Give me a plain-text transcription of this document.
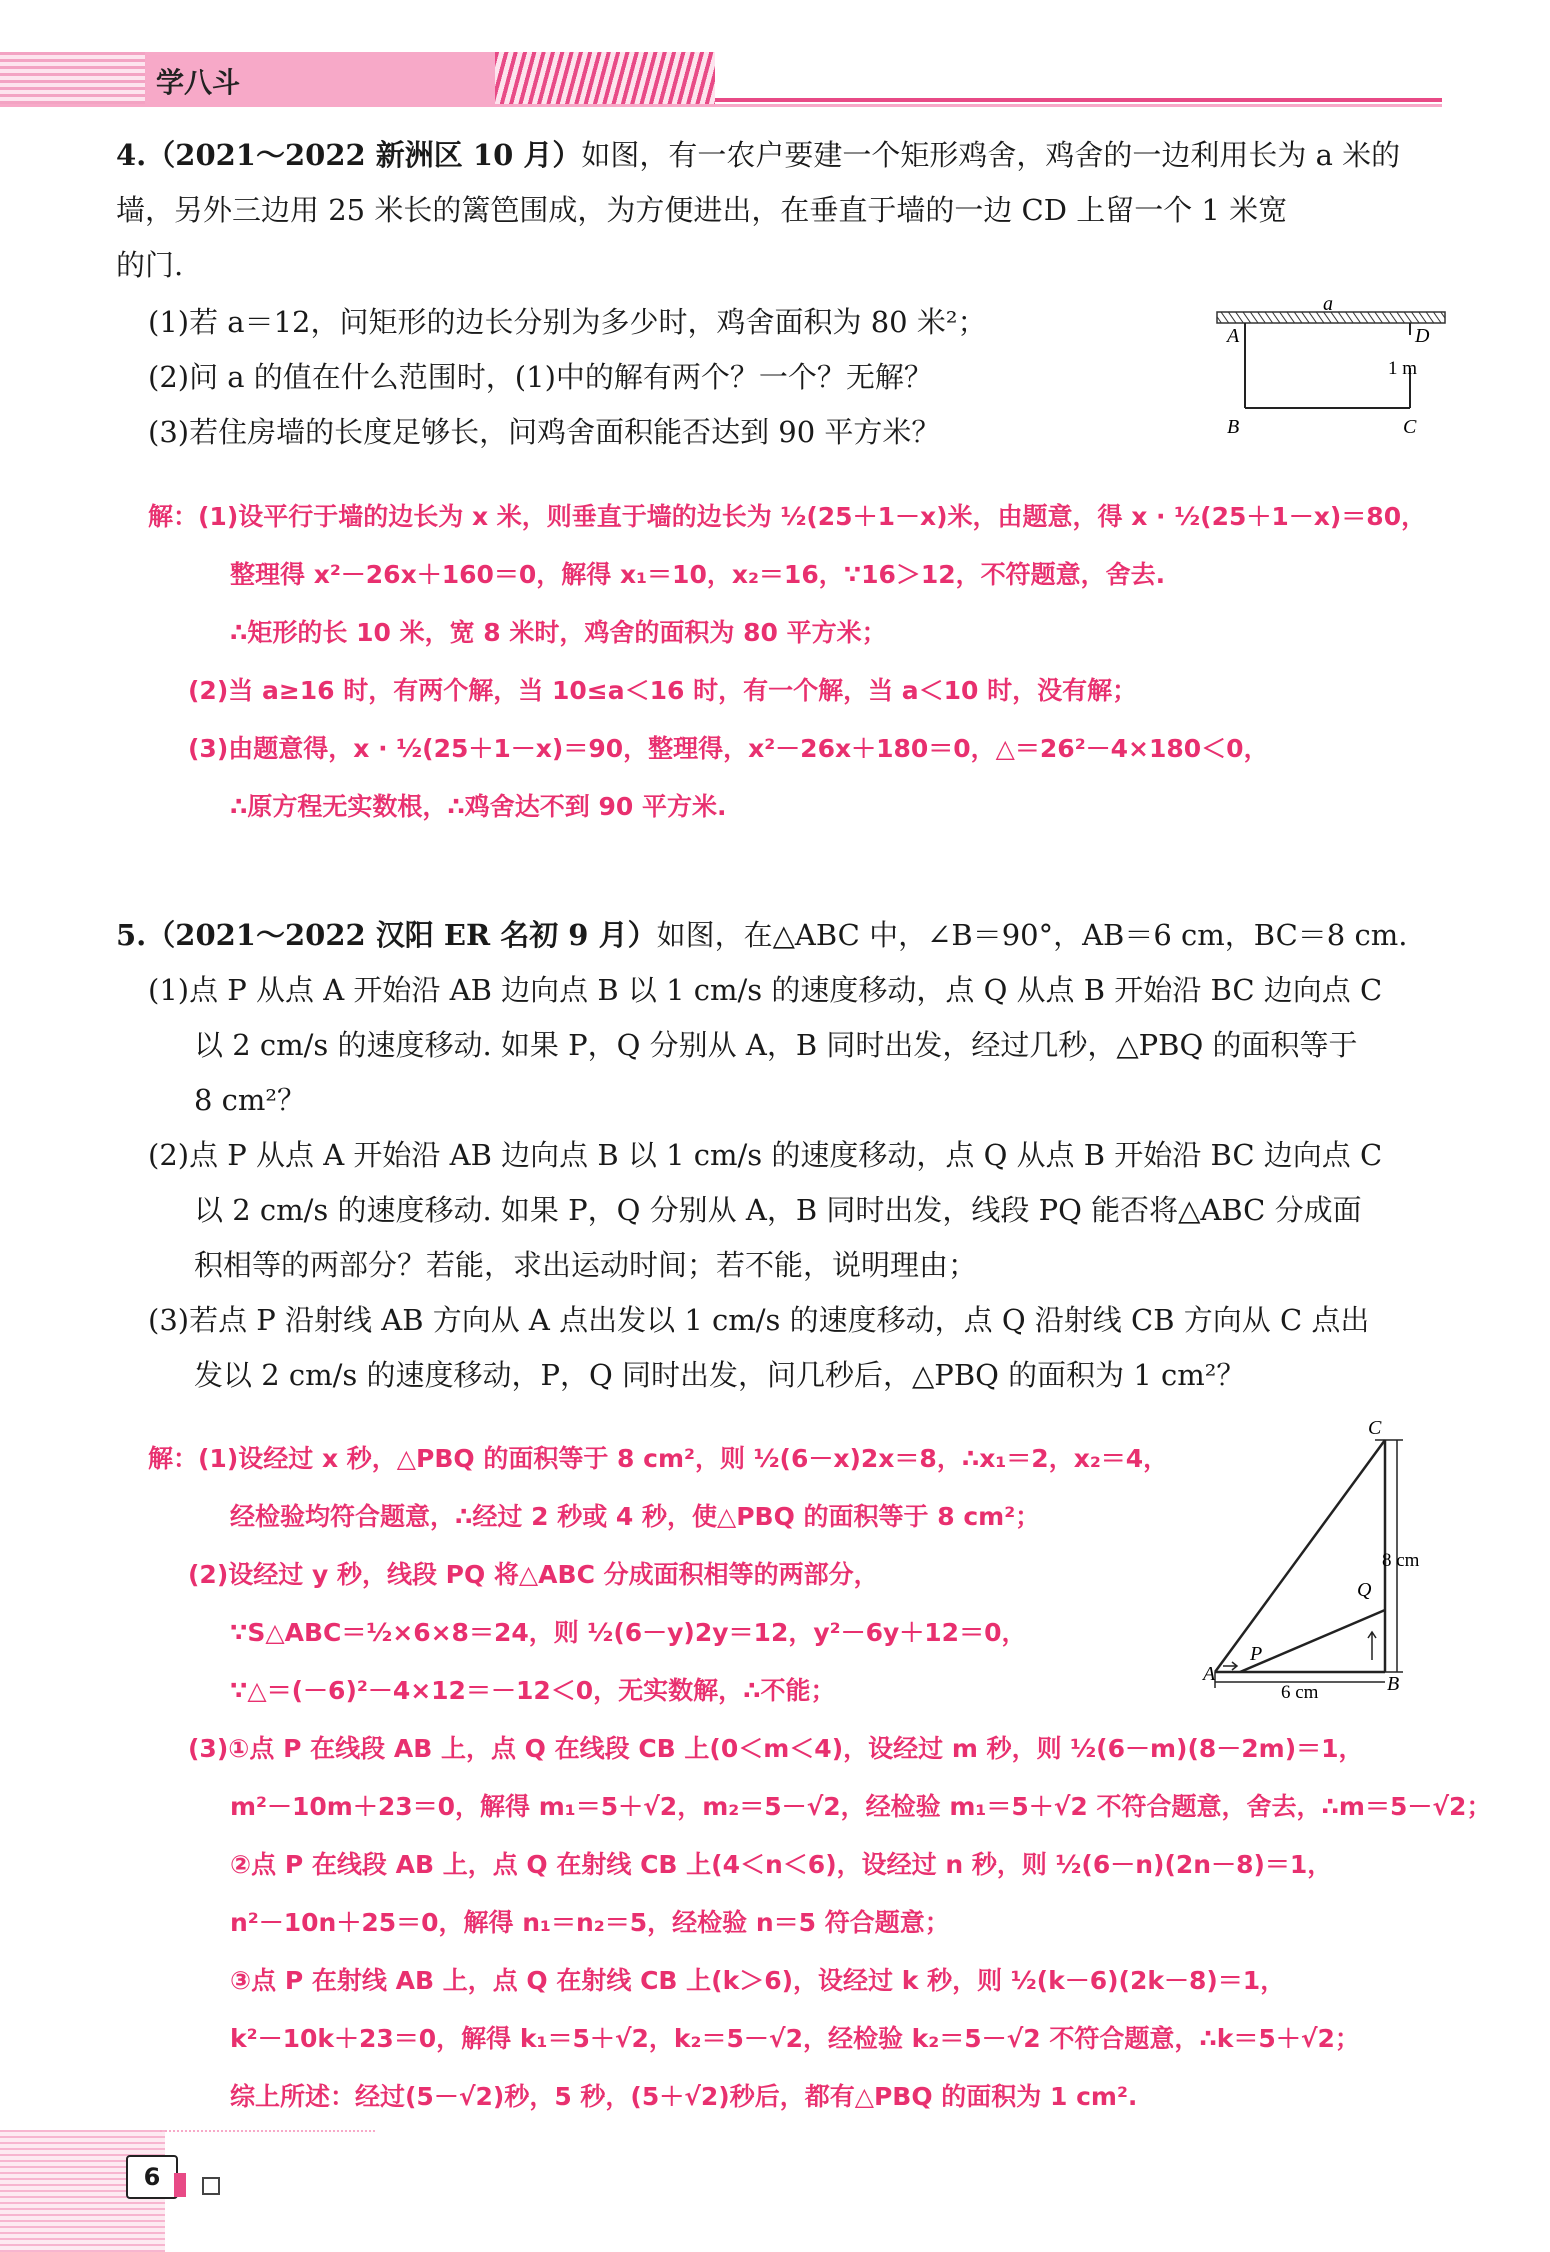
学八斗

4.（2021～2022 新洲区 10 月）如图，有一农户要建一个矩形鸡舍，鸡舍的一边利用长为 a 米的

墙，另外三边用 25 米长的篱笆围成，为方便进出，在垂直于墙的一边 CD 上留一个 1 米宽

的门.

(1)若 a＝12，问矩形的边长分别为多少时，鸡舍面积为 80 米²；

(2)问 a 的值在什么范围时，(1)中的解有两个？一个？无解？

(3)若住房墙的长度足够长，问鸡舍面积能否达到 90 平方米？

a
A	D
1 m
B	C

解：(1)设平行于墙的边长为 x 米，则垂直于墙的边长为 ½(25＋1－x)米，由题意，得 x · ½(25＋1－x)＝80，

整理得 x²－26x＋160＝0，解得 x₁＝10，x₂＝16，∵16＞12，不符题意，舍去.

∴矩形的长 10 米，宽 8 米时，鸡舍的面积为 80 平方米；

(2)当 a≥16 时，有两个解，当 10≤a＜16 时，有一个解，当 a＜10 时，没有解；

(3)由题意得，x · ½(25＋1－x)＝90，整理得，x²－26x＋180＝0，△＝26²－4×180＜0，

∴原方程无实数根，∴鸡舍达不到 90 平方米.

5.（2021～2022 汉阳 ER 名初 9 月）如图，在△ABC 中，∠B＝90°，AB＝6 cm，BC＝8 cm.

(1)点 P 从点 A 开始沿 AB 边向点 B 以 1 cm/s 的速度移动，点 Q 从点 B 开始沿 BC 边向点 C

以 2 cm/s 的速度移动. 如果 P，Q 分别从 A，B 同时出发，经过几秒，△PBQ 的面积等于

8 cm²？

(2)点 P 从点 A 开始沿 AB 边向点 B 以 1 cm/s 的速度移动，点 Q 从点 B 开始沿 BC 边向点 C

以 2 cm/s 的速度移动. 如果 P，Q 分别从 A，B 同时出发，线段 PQ 能否将△ABC 分成面

积相等的两部分？若能，求出运动时间；若不能，说明理由；

(3)若点 P 沿射线 AB 方向从 A 点出发以 1 cm/s 的速度移动，点 Q 沿射线 CB 方向从 C 点出

发以 2 cm/s 的速度移动，P，Q 同时出发，问几秒后，△PBQ 的面积为 1 cm²？

A	B
C
P
Q
6 cm
8 cm

解：(1)设经过 x 秒，△PBQ 的面积等于 8 cm²，则 ½(6－x)2x＝8，∴x₁＝2，x₂＝4，

经检验均符合题意，∴经过 2 秒或 4 秒，使△PBQ 的面积等于 8 cm²；

(2)设经过 y 秒，线段 PQ 将△ABC 分成面积相等的两部分，

∵S△ABC＝½×6×8＝24，则 ½(6－y)2y＝12，y²－6y＋12＝0，

∵△＝(－6)²－4×12＝－12＜0，无实数解，∴不能；

(3)①点 P 在线段 AB 上，点 Q 在线段 CB 上(0＜m＜4)，设经过 m 秒，则 ½(6－m)(8－2m)＝1，

m²－10m＋23＝0，解得 m₁＝5＋√2，m₂＝5－√2，经检验 m₁＝5＋√2 不符合题意，舍去，∴m＝5－√2；

②点 P 在线段 AB 上，点 Q 在射线 CB 上(4＜n＜6)，设经过 n 秒，则 ½(6－n)(2n－8)＝1，

n²－10n＋25＝0，解得 n₁＝n₂＝5，经检验 n＝5 符合题意；

③点 P 在射线 AB 上，点 Q 在射线 CB 上(k＞6)，设经过 k 秒，则 ½(k－6)(2k－8)＝1，

k²－10k＋23＝0，解得 k₁＝5＋√2，k₂＝5－√2，经检验 k₂＝5－√2 不符合题意，∴k＝5＋√2；

综上所述：经过(5－√2)秒，5 秒，(5＋√2)秒后，都有△PBQ 的面积为 1 cm².

6
